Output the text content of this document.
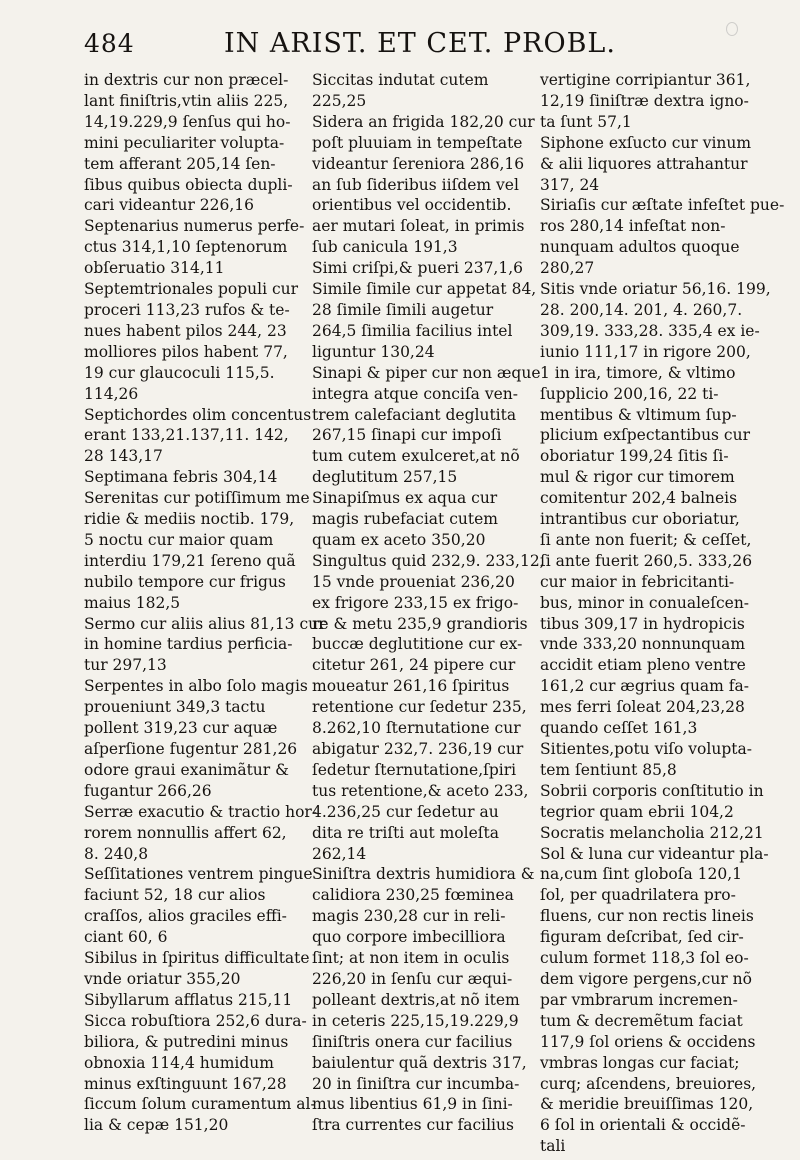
484	IN ARIST. ET CET. PROBL.
in dextris cur non præcel-
lant finiſtris,vtin aliis 225,
14,19.229,9 ſenſus qui ho-
mini peculiariter volupta-
tem afferant 205,14 ſen-
ſibus quibus obiecta dupli-
cari videantur 226,16
Septenarius numerus perfe-
ctus 314,1,10 ſeptenorum
obſeruatio 314,11
Septemtrionales populi cur
proceri 113,23 rufos & te-
nues habent pilos 244, 23
molliores pilos habent 77,
19 cur glaucoculi 115,5.
114,26
Septichordes olim concentus
erant 133,21.137,11. 142,
28 143,17
Septimana febris 304,14
Serenitas cur potiſſimum me
ridie & mediis noctib. 179,
5 noctu cur maior quam
interdiu 179,21 ſereno quã
nubilo tempore cur frigus
maius 182,5
Sermo cur aliis alius 81,13 cur
in homine tardius perficia-
tur 297,13
Serpentes in albo ſolo magis
proueniunt 349,3 tactu
pollent 319,23 cur aquæ
aſperſione fugentur 281,26
odore graui exanimãtur &
fugantur 266,26
Serræ exacutio & tractio hor-
rorem nonnullis affert 62,
8. 240,8
Seſſitationes ventrem pingue
faciunt 52, 18 cur alios
craſſos, alios graciles effi-
ciant 60, 6
Sibilus in ſpiritus difficultate
vnde oriatur 355,20
Sibyllarum afflatus 215,11
Sicca robuſtiora 252,6 dura-
biliora, & putredini minus
obnoxia 114,4 humidum
minus exſtinguunt 167,28
ſiccum ſolum curamentum al-
lia & cepæ 151,20
Siccitas indutat cutem
225,25
Sidera an frigida 182,20 cur
poſt pluuiam in tempeſtate
videantur ſereniora 286,16
an ſub ſideribus iiſdem vel
orientibus vel occidentib.
aer mutari ſoleat, in primis
ſub canicula 191,3
Simi criſpi,& pueri 237,1,6
Simile ſimile cur appetat 84,
28 ſimile ſimili augetur
264,5 ſimilia facilius intel
liguntur 130,24
Sinapi & piper cur non æque
integra atque conciſa ven-
trem calefaciant deglutita
267,15 ſinapi cur impoſi
tum cutem exulceret,at nõ
deglutitum 257,15
Sinapiſmus ex aqua cur
magis rubefaciat cutem
quam ex aceto 350,20
Singultus quid 232,9. 233,12,
15 vnde proueniat 236,20
ex frigore 233,15 ex frigo-
re & metu 235,9 grandioris
buccæ deglutitione cur ex-
citetur 261, 24 pipere cur
moueatur 261,16 ſpiritus
retentione cur ſedetur 235,
8.262,10 ſternutatione cur
abigatur 232,7. 236,19 cur
ſedetur ſternutatione,ſpiri
tus retentione,& aceto 233,
4.236,25 cur ſedetur au
dita re triſti aut moleſta
262,14
Siniſtra dextris humidiora &
calidiora 230,25 fœminea
magis 230,28 cur in reli-
quo corpore imbecilliora
ſint; at non item in oculis
226,20 in ſenſu cur æqui-
polleant dextris,at nõ item
in ceteris 225,15,19.229,9
ſiniſtris onera cur facilius
baiulentur quã dextris 317,
20 in ſiniſtra cur incumba-
mus libentius 61,9 in ſini-
ſtra currentes cur facilius
vertigine corripiantur 361,
12,19 ſiniſtræ dextra igno-
ta ſunt 57,1
Siphone exſucto cur vinum
& alii liquores attrahantur
317, 24
Siriaſis cur æſtate infeſtet pue-
ros 280,14 infeſtat non-
nunquam adultos quoque
280,27
Sitis vnde oriatur 56,16. 199,
28. 200,14. 201, 4. 260,7.
309,19. 333,28. 335,4 ex ie-
iunio 111,17 in rigore 200,
1 in ira, timore, & vltimo
ſupplicio 200,16, 22 ti-
mentibus & vltimum ſup-
plicium exſpectantibus cur
oboriatur 199,24 ſitis ſi-
mul & rigor cur timorem
comitentur 202,4 balneis
intrantibus cur oboriatur,
ſi ante non fuerit; & ceſſet,
ſi ante fuerit 260,5. 333,26
cur maior in febricitanti-
bus, minor in conualeſcen-
tibus 309,17 in hydropicis
vnde 333,20 nonnunquam
accidit etiam pleno ventre
161,2 cur ægrius quam fa-
mes ferri ſoleat 204,23,28
quando ceſſet 161,3
Sitientes,potu viſo volupta-
tem ſentiunt 85,8
Sobrii corporis conſtitutio in
tegrior quam ebrii 104,2
Socratis melancholia 212,21
Sol & luna cur videantur pla-
na,cum ſint globoſa 120,1
ſol, per quadrilatera pro-
fluens, cur non rectis lineis
figuram deſcribat, ſed cir-
culum formet 118,3 ſol eo-
dem vigore pergens,cur nõ
par vmbrarum incremen-
tum & decremẽtum faciat
117,9 ſol oriens & occidens
vmbras longas cur faciat;
curq; aſcendens, breuiores,
& meridie breuiſſimas 120,
6 ſol in orientali & occidẽ-
tali
